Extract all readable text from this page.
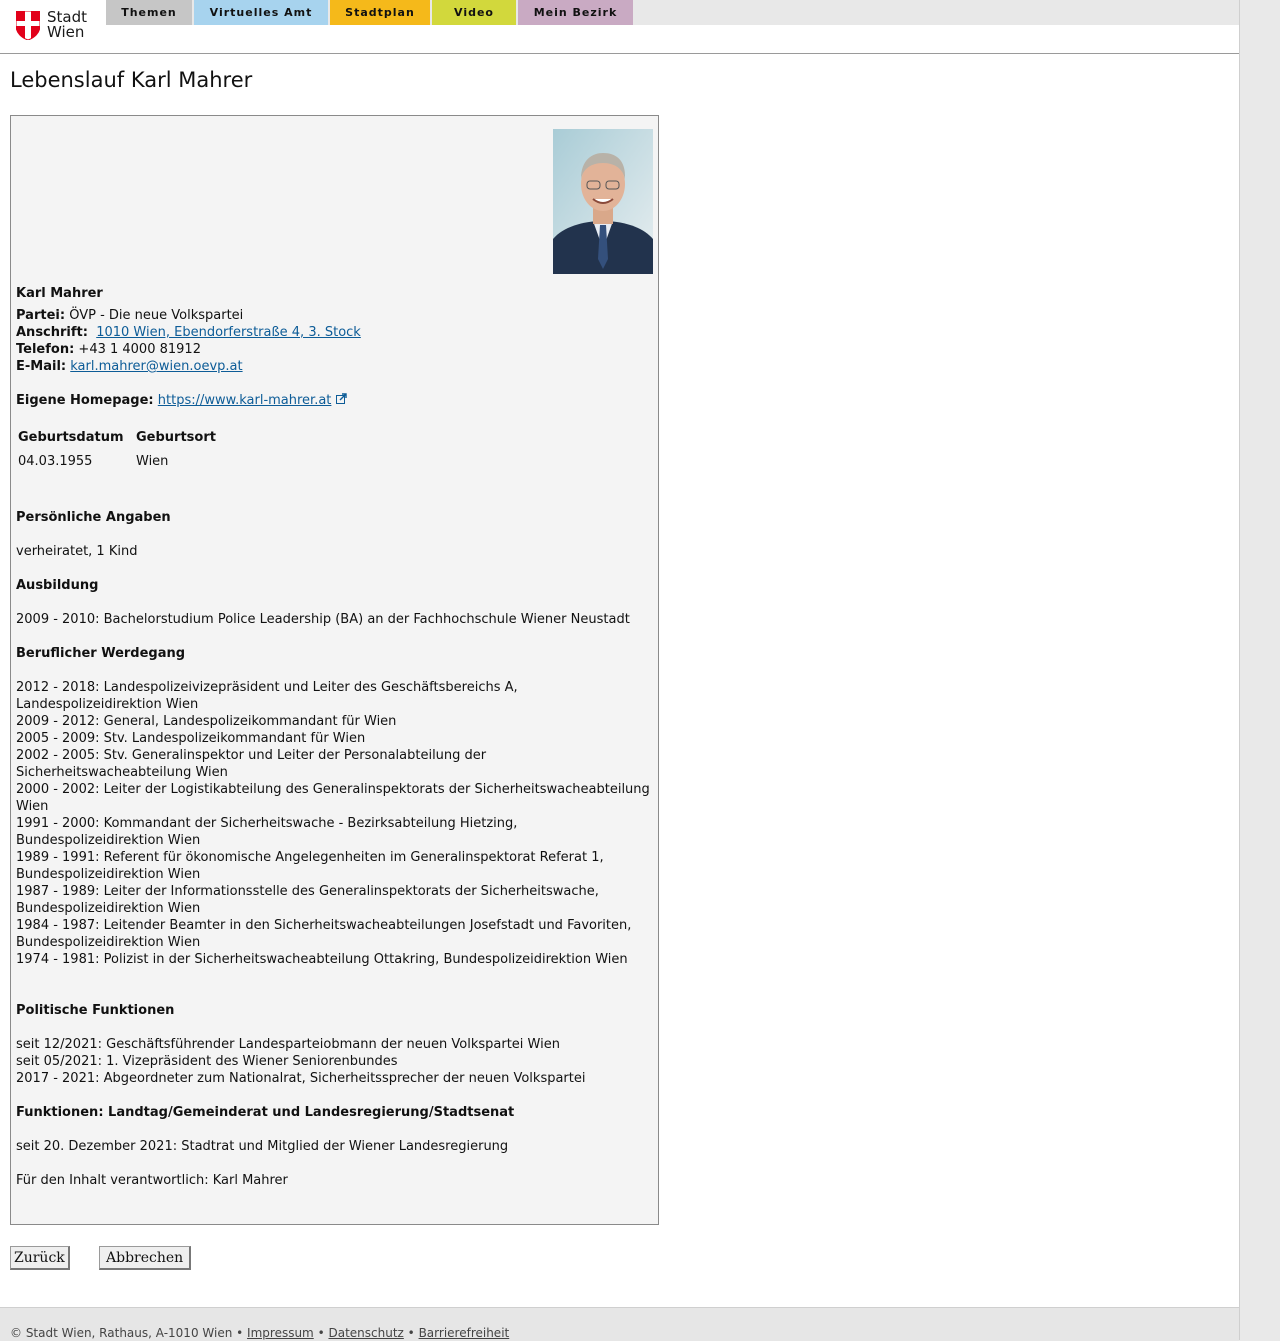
Stadt
Wien
Themen	Virtuelles Amt	Stadtplan	Video	Mein Bezirk
Lebenslauf Karl Mahrer
Karl Mahrer
Partei: ÖVP - Die neue Volkspartei
Anschrift: 1010 Wien, Ebendorferstraße 4, 3. Stock
Telefon: +43 1 4000 81912
E-Mail: karl.mahrer@wien.oevp.at
Eigene Homepage: https://www.karl-mahrer.at
Geburtsdatum Geburtsort
04.03.1955	Wien
Persönliche Angaben
verheiratet, 1 Kind
Ausbildung
2009 - 2010: Bachelorstudium Police Leadership (BA) an der Fachhochschule Wiener Neustadt
Beruflicher Werdegang
2012 - 2018: Landespolizeivizepräsident und Leiter des Geschäftsbereichs A,
Landespolizeidirektion Wien
2009 - 2012: General, Landespolizeikommandant für Wien
2005 - 2009: Stv. Landespolizeikommandant für Wien
2002 - 2005: Stv. Generalinspektor und Leiter der Personalabteilung der
Sicherheitswacheabteilung Wien
2000 - 2002: Leiter der Logistikabteilung des Generalinspektorats der Sicherheitswacheabteilung
Wien
1991 - 2000: Kommandant der Sicherheitswache - Bezirksabteilung Hietzing,
Bundespolizeidirektion Wien
1989 - 1991: Referent für ökonomische Angelegenheiten im Generalinspektorat Referat 1,
Bundespolizeidirektion Wien
1987 - 1989: Leiter der Informationsstelle des Generalinspektorats der Sicherheitswache,
Bundespolizeidirektion Wien
1984 - 1987: Leitender Beamter in den Sicherheitswacheabteilungen Josefstadt und Favoriten,
Bundespolizeidirektion Wien
1974 - 1981: Polizist in der Sicherheitswacheabteilung Ottakring, Bundespolizeidirektion Wien
Politische Funktionen
seit 12/2021: Geschäftsführender Landesparteiobmann der neuen Volkspartei Wien
seit 05/2021: 1. Vizepräsident des Wiener Seniorenbundes
2017 - 2021: Abgeordneter zum Nationalrat, Sicherheitssprecher der neuen Volkspartei
Funktionen: Landtag/Gemeinderat und Landesregierung/Stadtsenat
seit 20. Dezember 2021: Stadtrat und Mitglied der Wiener Landesregierung
Für den Inhalt verantwortlich: Karl Mahrer
Zurück	Abbrechen
© Stadt Wien, Rathaus, A-1010 Wien • Impressum • Datenschutz • Barrierefreiheit
